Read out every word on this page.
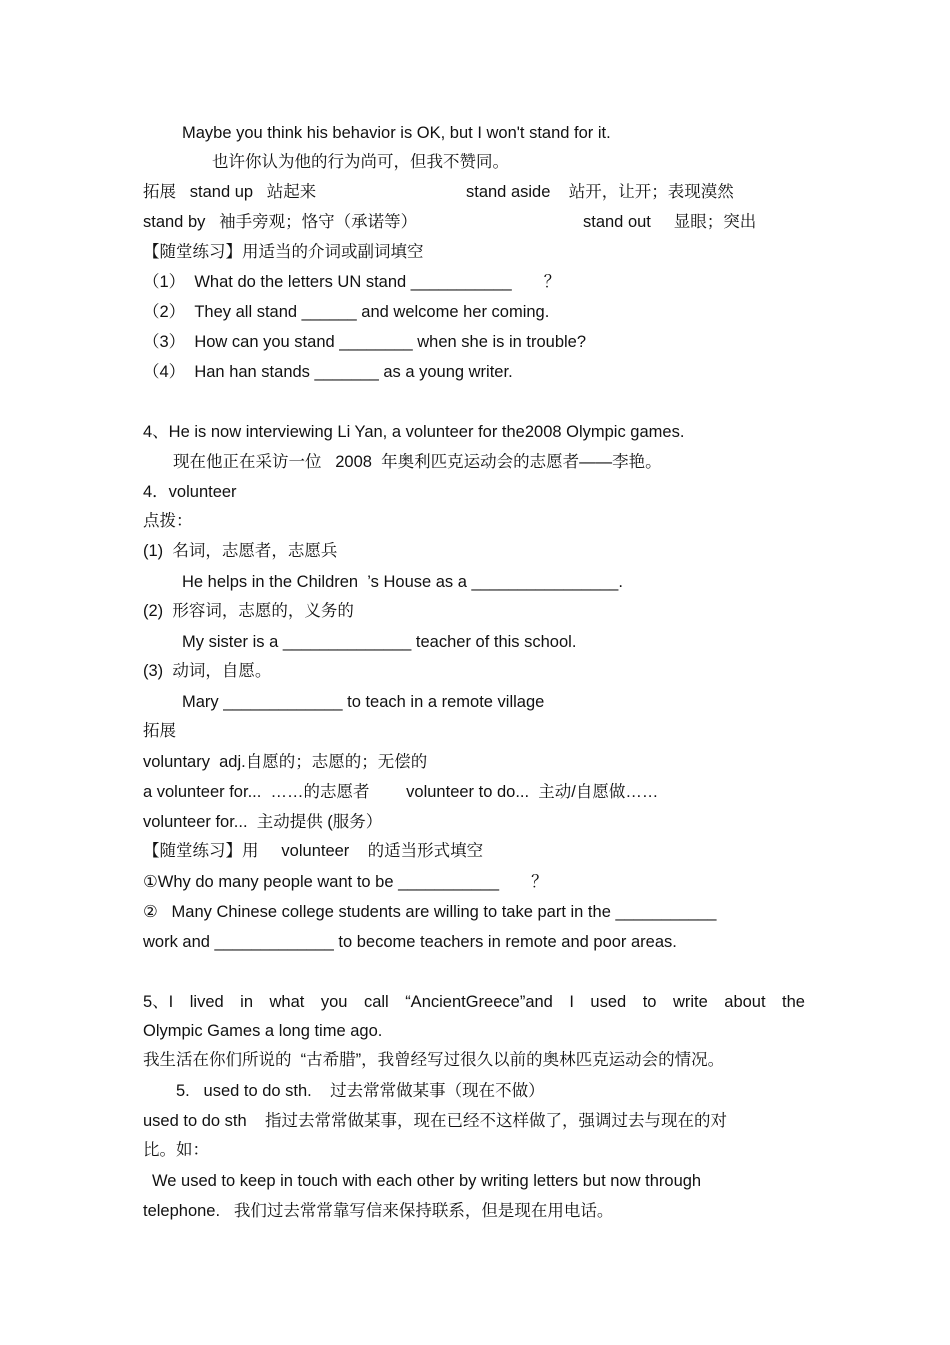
Maybe you think his behavior is OK, but I won't stand for it.
也许你认为他的行为尚可，但我不赞同。
拓展   stand up   站起来	stand aside    站开，让开；表现漠然
stand by   袖手旁观；恪守（承诺等）	stand out     显眼；突出
【随堂练习】用适当的介词或副词填空
（1）  What do the letters UN stand ___________       ？
（2）  They all stand ______ and welcome her coming.
（3）  How can you stand ________ when she is in trouble?
（4）  Han han stands _______ as a young writer.
4、He is now interviewing Li Yan, a volunteer for the2008 Olympic games.
现在他正在采访一位   2008  年奥利匹克运动会的志愿者——李艳。
4．volunteer
点拨：
(1)  名词，志愿者，志愿兵
He helps in the Children  ’s House as a ________________.
(2)  形容词，志愿的，义务的
My sister is a ______________ teacher of this school.
(3)  动词，自愿。
Mary _____________ to teach in a remote village
拓展
voluntary  adj.自愿的；志愿的；无偿的
a volunteer for...  ……的志愿者        volunteer to do...  主动/自愿做……
volunteer for...  主动提供 (服务）
【随堂练习】用     volunteer    的适当形式填空
①Why do many people want to be ___________       ？
②   Many Chinese college students are willing to take part in the ___________
work and _____________ to become teachers in remote and poor areas.
5、I lived in what you call “AncientGreece”and I used to write about the
Olympic Games a long time ago.
我生活在你们所说的  “古希腊”，我曾经写过很久以前的奥林匹克运动会的情况。
5.   used to do sth.    过去常常做某事（现在不做）
used to do sth    指过去常常做某事，现在已经不这样做了，强调过去与现在的对
比。如：
We used to keep in touch with each other by writing letters but now through
telephone.   我们过去常常靠写信来保持联系，但是现在用电话。
